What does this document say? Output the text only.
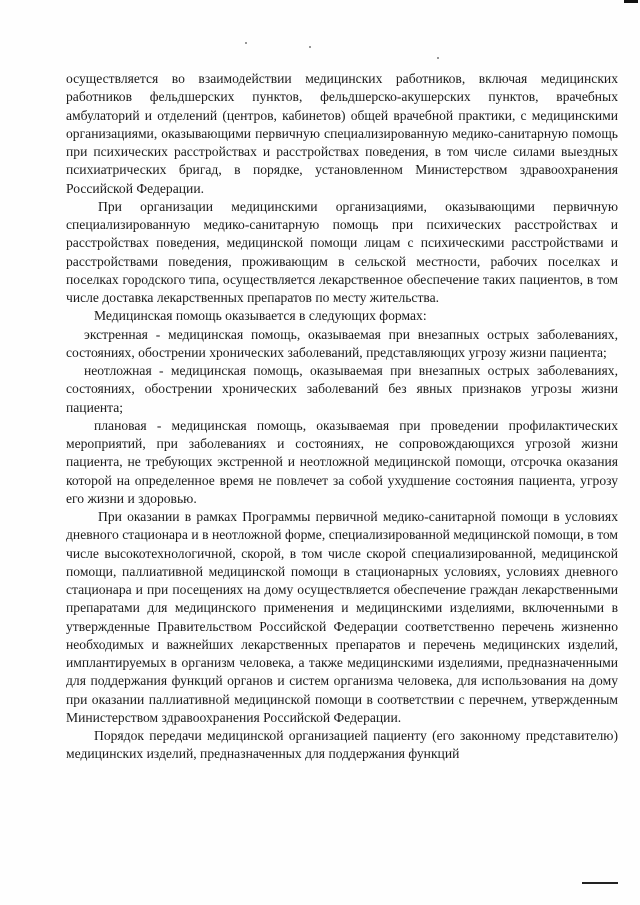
осуществляется во взаимодействии медицинских работников, включая медицинских работников фельдшерских пунктов, фельдшерско-акушерских пунктов, врачебных амбулаторий и отделений (центров, кабинетов) общей врачебной практики, с медицинскими организациями, оказывающими первичную специализированную медико-санитарную помощь при психических расстройствах и расстройствах поведения, в том числе силами выездных психиатрических бригад, в порядке, установленном Министерством здравоохранения Российской Федерации.

При организации медицинскими организациями, оказывающими первичную специализированную медико-санитарную помощь при психических расстройствах и расстройствах поведения, медицинской помощи лицам с психическими расстройствами и расстройствами поведения, проживающим в сельской местности, рабочих поселках и поселках городского типа, осуществляется лекарственное обеспечение таких пациентов, в том числе доставка лекарственных препаратов по месту жительства.

Медицинская помощь оказывается в следующих формах:

экстренная - медицинская помощь, оказываемая при внезапных острых заболеваниях, состояниях, обострении хронических заболеваний, представляющих угрозу жизни пациента;

неотложная - медицинская помощь, оказываемая при внезапных острых заболеваниях, состояниях, обострении хронических заболеваний без явных признаков угрозы жизни пациента;

плановая - медицинская помощь, оказываемая при проведении профилактических мероприятий, при заболеваниях и состояниях, не сопровождающихся угрозой жизни пациента, не требующих экстренной и неотложной медицинской помощи, отсрочка оказания которой на определенное время не повлечет за собой ухудшение состояния пациента, угрозу его жизни и здоровью.

При оказании в рамках Программы первичной медико-санитарной помощи в условиях дневного стационара и в неотложной форме, специализированной медицинской помощи, в том числе высокотехнологичной, скорой, в том числе скорой специализированной, медицинской помощи, паллиативной медицинской помощи в стационарных условиях, условиях дневного стационара и при посещениях на дому осуществляется обеспечение граждан лекарственными препаратами для медицинского применения и медицинскими изделиями, включенными в утвержденные Правительством Российской Федерации соответственно перечень жизненно необходимых и важнейших лекарственных препаратов и перечень медицинских изделий, имплантируемых в организм человека, а также медицинскими изделиями, предназначенными для поддержания функций органов и систем организма человека, для использования на дому при оказании паллиативной медицинской помощи в соответствии с перечнем, утвержденным Министерством здравоохранения Российской Федерации.

Порядок передачи медицинской организацией пациенту (его законному представителю) медицинских изделий, предназначенных для поддержания функций
